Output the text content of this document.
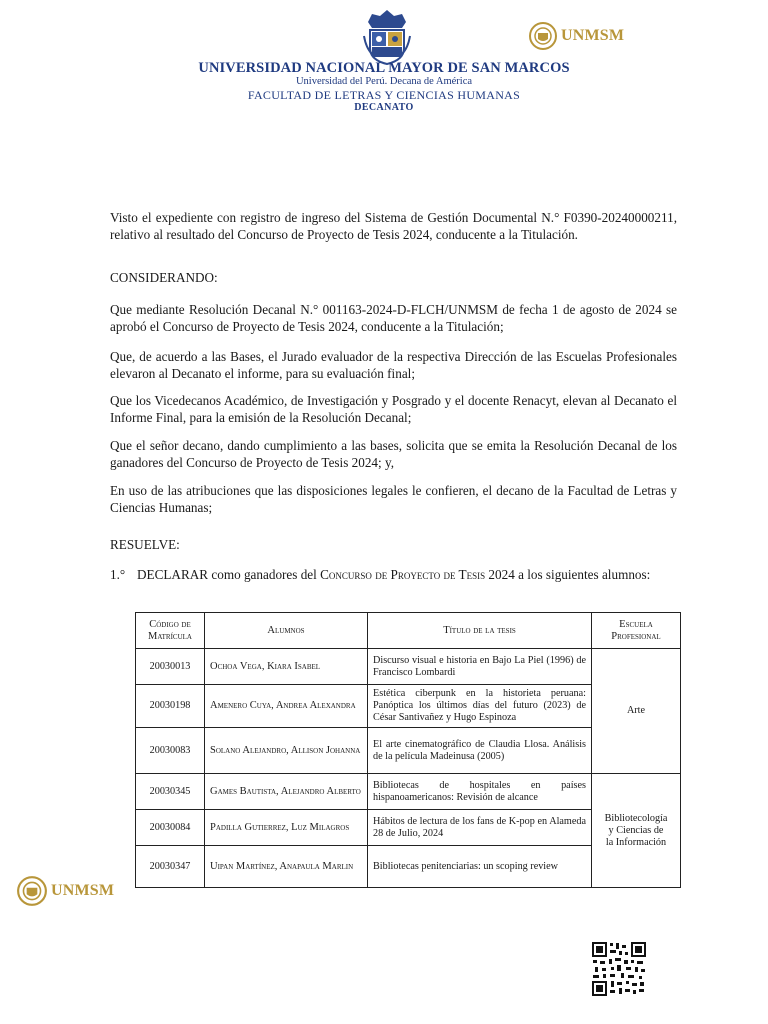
UNMSM
UNIVERSIDAD NACIONAL MAYOR DE SAN MARCOS
Universidad del Perú. Decana de América
FACULTAD DE LETRAS Y CIENCIAS HUMANAS
DECANATO

Visto el expediente con registro de ingreso del Sistema de Gestión Documental N.° F0390-20240000211, relativo al resultado del Concurso de Proyecto de Tesis 2024, conducente a la Titulación.

CONSIDERANDO:

Que mediante Resolución Decanal N.° 001163-2024-D-FLCH/UNMSM de fecha 1 de agosto de 2024 se aprobó el Concurso de Proyecto de Tesis 2024, conducente a la Titulación;

Que, de acuerdo a las Bases, el Jurado evaluador de la respectiva Dirección de las Escuelas Profesionales elevaron al Decanato el informe, para su evaluación final;

Que los Vicedecanos Académico, de Investigación y Posgrado y el docente Renacyt, elevan al Decanato el Informe Final, para la emisión de la Resolución Decanal;

Que el señor decano, dando cumplimiento a las bases, solicita que se emita la Resolución Decanal de los ganadores del Concurso de Proyecto de Tesis 2024; y,

En uso de las atribuciones que las disposiciones legales le confieren, el decano de la Facultad de Letras y Ciencias Humanas;

RESUELVE:

1.° DECLARAR como ganadores del Concurso de Proyecto de Tesis 2024 a los siguientes alumnos:
Código de
Matrícula	Alumnos	Título de la tesis	Escuela
Profesional
20030013	Ochoa Vega, Kiara Isabel	Discurso visual e historia en Bajo La Piel (1996) de Francisco Lombardi	Arte
20030198	Amenero Cuya, Andrea Alexandra	Estética ciberpunk en la historieta peruana: Panóptica los últimos días del futuro (2023) de César Santivañez y Hugo Espinoza	
20030083	Solano Alejandro, Allison Johanna	El arte cinematográfico de Claudia Llosa. Análisis de la película Madeinusa (2005)	
20030345	Games Bautista, Alejandro Alberto	Bibliotecas de hospitales en países hispanoamericanos: Revisión de alcance	Bibliotecología
y Ciencias de
la Información
20030084	Padilla Gutierrez, Luz Milagros	Hábitos de lectura de los fans de K-pop en Alameda 28 de Julio, 2024	
20030347	Uipan Martínez, Anapaula Marlin	Bibliotecas penitenciarias: un scoping review	
UNMSM
